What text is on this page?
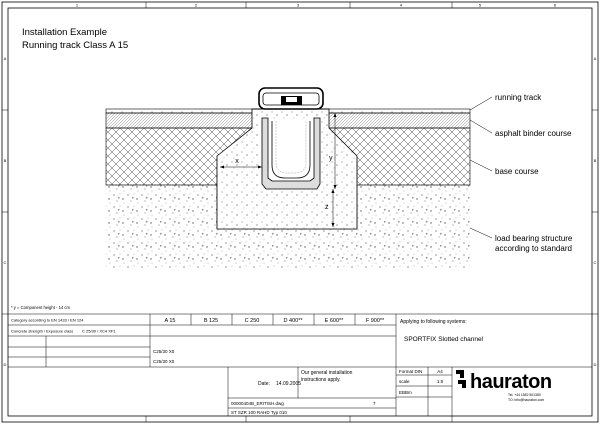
1	2	3	4	5	6
A
B
C
D
A
B
C
D
Installation Example
Running track Class A 15
x	y
z
running track
asphalt binder course
base course
load bearing structure
according to standard
* y = Component height - 14 cm
Category according to EN 1433 / EN 124	A 15	B 125	C 250	D 400**	E 600**	F 900**
Concrete strength / Exposure class C 25/30 / XC4 XF1
C25/30 X0
C25/30 X0
Applying to following systems:
SPORTFIX Slotted channel
Date: 14.09.2005
Our general installation
instructions apply.
00000404B_ERITISH.dwg	7
ST SZR 100 RAHD Typ 010
Format DIN	A4
scale	1:5
EBBm	hauraton
Tel. +44 1582 501380
TO: info@hauraton.com
